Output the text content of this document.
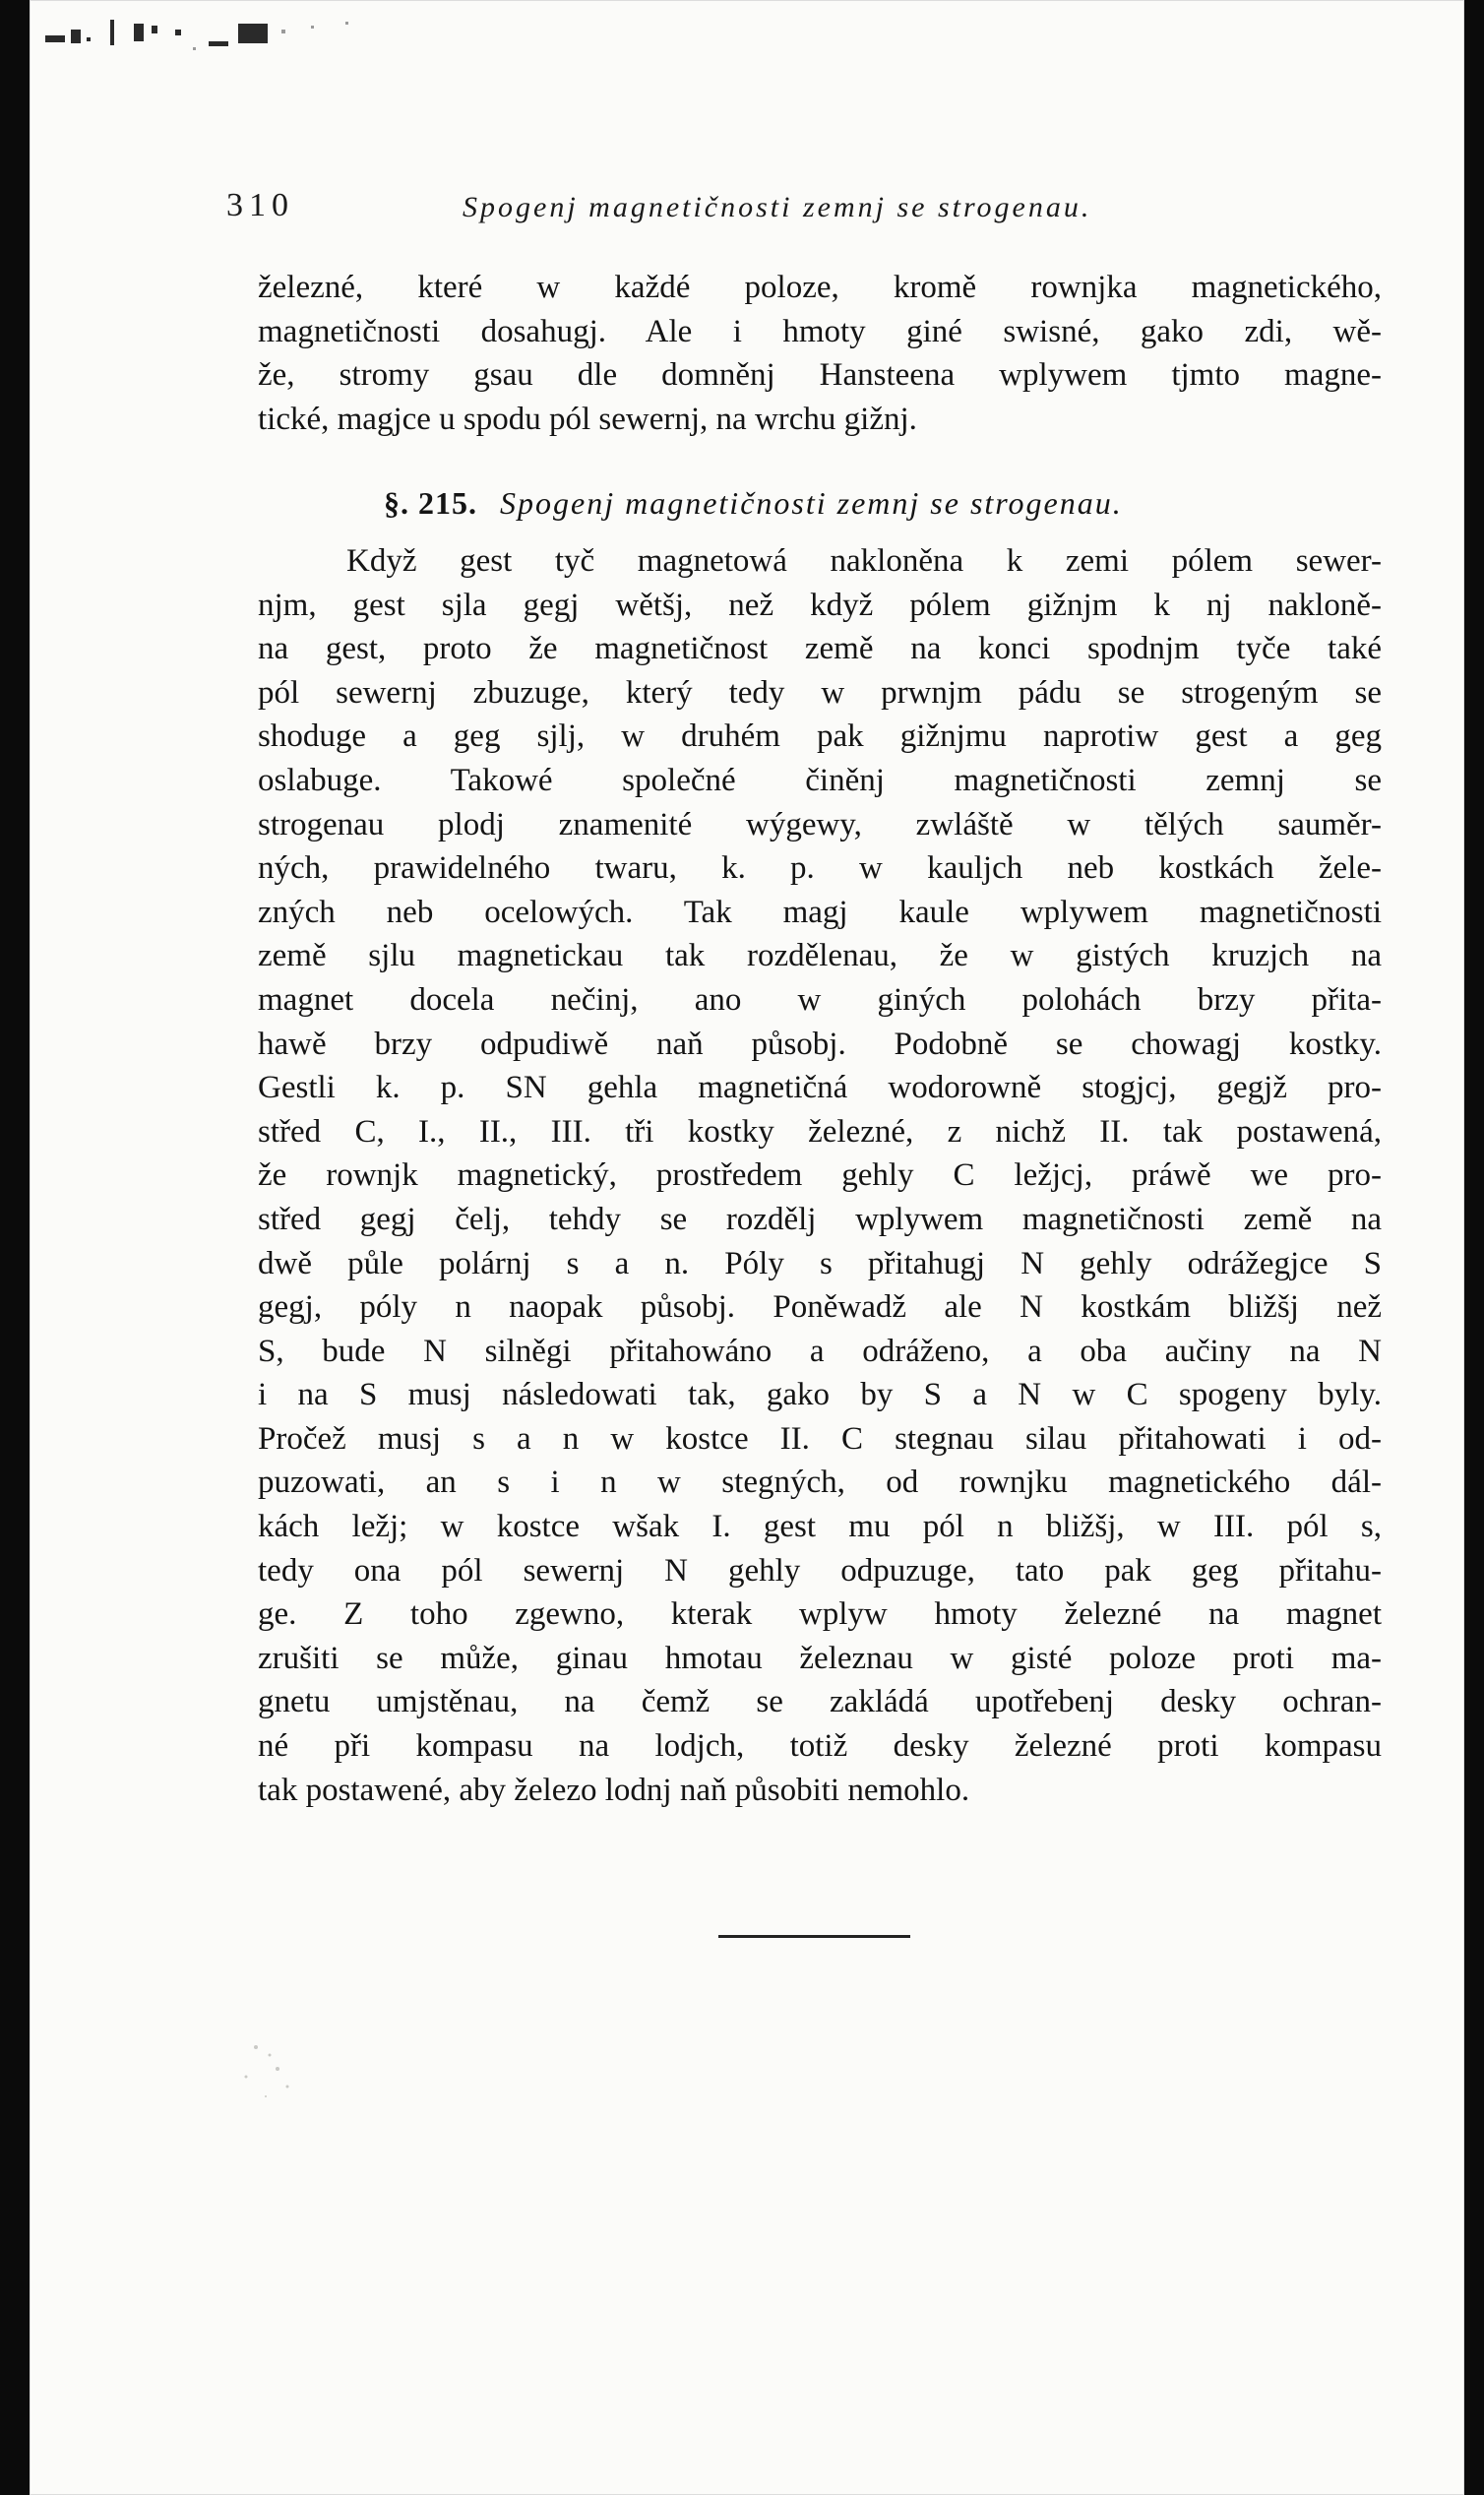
310	Spogenj magnetičnosti zemnj se strogenau.
železné, které w každé poloze, kromě rownjka magnetického,
magnetičnosti dosahugj. Ale i hmoty giné swisné, gako zdi, wě-
že, stromy gsau dle domněnj Hansteena wplywem tjmto magne-
tické, magjce u spodu pól sewernj, na wrchu gižnj.
§. 215. Spogenj magnetičnosti zemnj se strogenau.
Když gest tyč magnetowá nakloněna k zemi pólem sewer-
njm, gest sjla gegj wětšj, než když pólem gižnjm k nj nakloně-
na gest, proto že magnetičnost země na konci spodnjm tyče také
pól sewernj zbuzuge, který tedy w prwnjm pádu se strogeným se
shoduge a geg sjlj, w druhém pak gižnjmu naprotiw gest a geg
oslabuge. Takowé společné činěnj magnetičnosti zemnj se
strogenau plodj znamenité wýgewy, zwláště w tělých sauměr-
ných, prawidelného twaru, k. p. w kauljch neb kostkách žele-
zných neb ocelowých. Tak magj kaule wplywem magnetičnosti
země sjlu magnetickau tak rozdělenau, že w gistých kruzjch na
magnet docela nečinj, ano w giných polohách brzy přita-
hawě brzy odpudiwě naň působj. Podobně se chowagj kostky.
Gestli k. p. SN gehla magnetičná wodorowně stogjcj, gegjž pro-
střed C, I., II., III. tři kostky železné, z nichž II. tak postawená,
že rownjk magnetický, prostředem gehly C ležjcj, práwě we pro-
střed gegj čelj, tehdy se rozdělj wplywem magnetičnosti země na
dwě půle polárnj s a n. Póly s přitahugj N gehly odrážegjce S
gegj, póly n naopak působj. Poněwadž ale N kostkám bližšj než
S, bude N silněgi přitahowáno a odráženo, a oba aučiny na N
i na S musj následowati tak, gako by S a N w C spogeny byly.
Pročež musj s a n w kostce II. C stegnau silau přitahowati i od-
puzowati, an s i n w stegných, od rownjku magnetického dál-
kách ležj; w kostce wšak I. gest mu pól n bližšj, w III. pól s,
tedy ona pól sewernj N gehly odpuzuge, tato pak geg přitahu-
ge. Z toho zgewno, kterak wplyw hmoty železné na magnet
zrušiti se může, ginau hmotau železnau w gisté poloze proti ma-
gnetu umjstěnau, na čemž se zakládá upotřebenj desky ochran-
né při kompasu na lodjch, totiž desky železné proti kompasu
tak postawené, aby železo lodnj naň působiti nemohlo.
